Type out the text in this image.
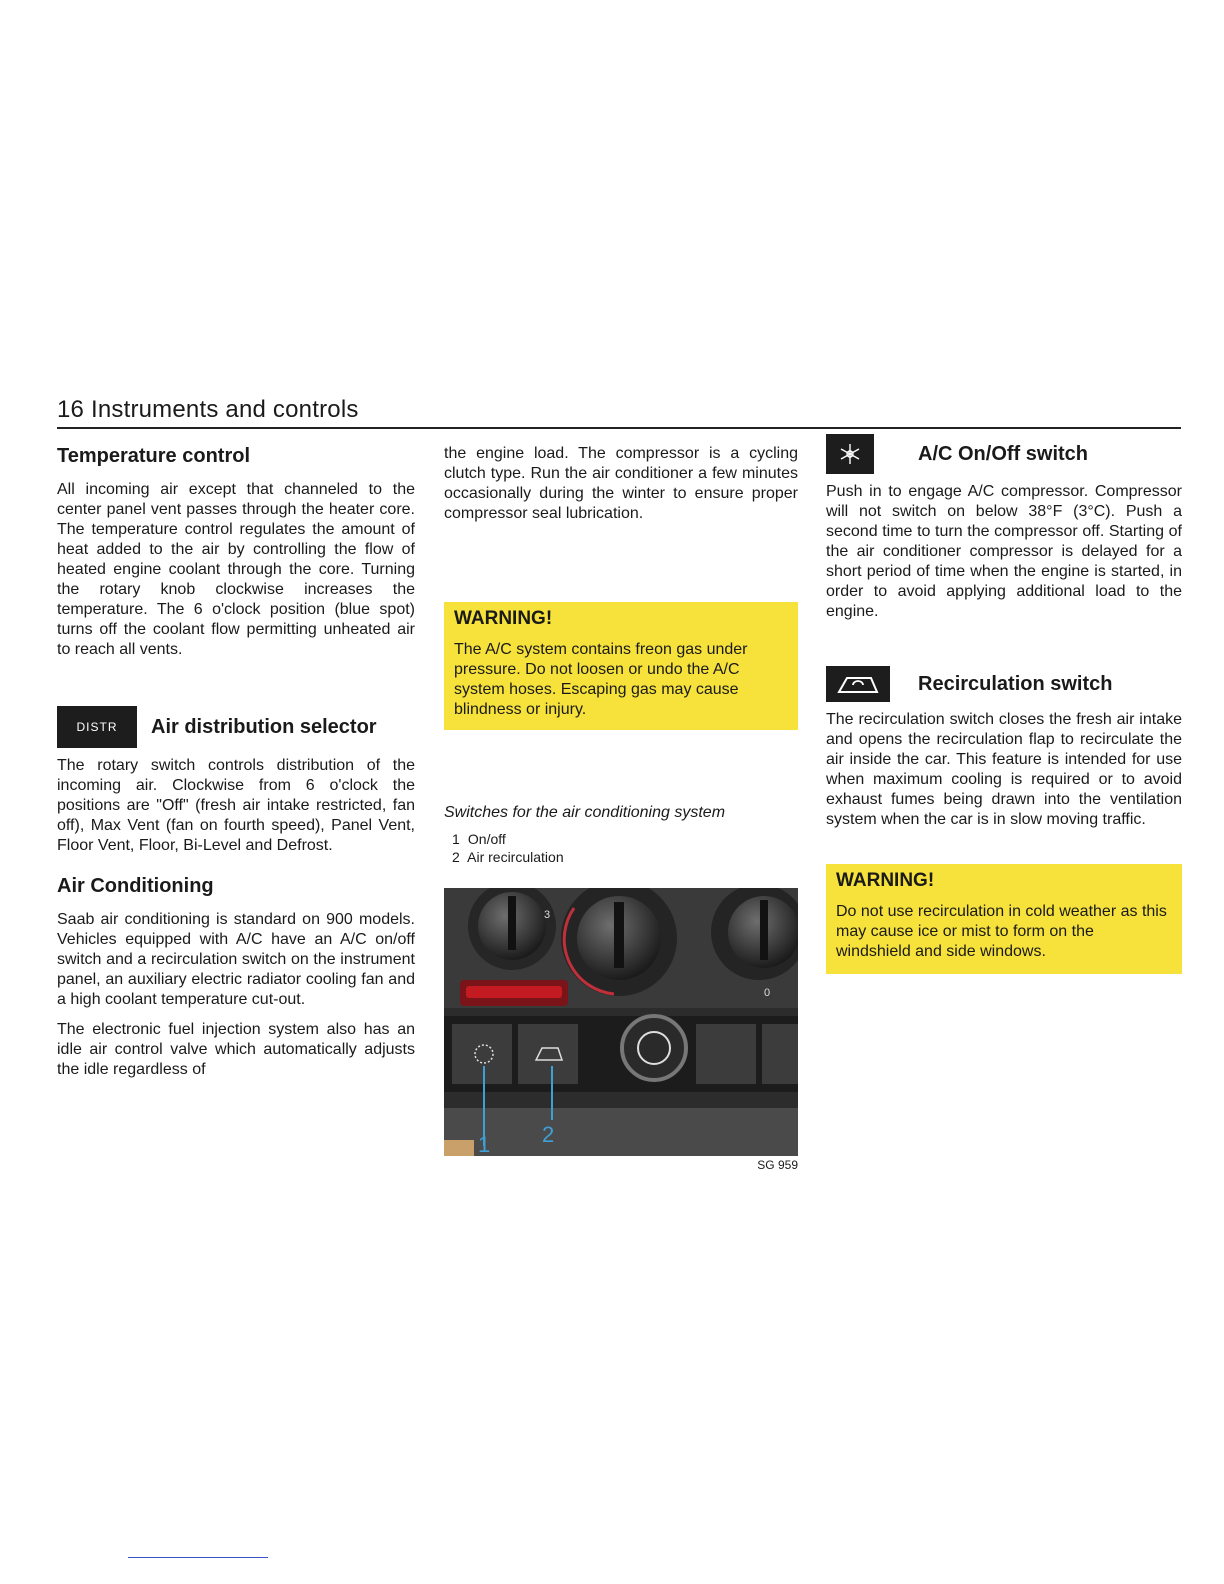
16 Instruments and controls
Temperature control

All incoming air except that channeled to the center panel vent passes through the heater core. The temperature control regulates the amount of heat added to the air by controlling the flow of heated engine coolant through the core. Turning the rotary knob clockwise increases the temperature. The 6 o'clock position (blue spot) turns off the coolant flow permitting unheated air to reach all vents.

DISTR	Air distribution selector

The rotary switch controls distribution of the incoming air. Clockwise from 6 o'clock the positions are "Off" (fresh air intake restricted, fan off), Max Vent (fan on fourth speed), Panel Vent, Floor Vent, Floor, Bi-Level and Defrost.

Air Conditioning

Saab air conditioning is standard on 900 models. Vehicles equipped with A/C have an A/C on/off switch and a recirculation switch on the instrument panel, an auxiliary electric radiator cooling fan and a high coolant temperature cut-out.

The electronic fuel injection system also has an idle air control valve which automatically adjusts the idle regardless of

the engine load. The compressor is a cycling clutch type. Run the air conditioner a few minutes occasionally during the winter to ensure proper compressor seal lubrication.

WARNING!

The A/C system contains freon gas under pressure. Do not loosen or undo the A/C system hoses. Escaping gas may cause blindness or injury.

Switches for the air conditioning system
1 On/off
2 Air recirculation
3
0
1 2
SG 959
A/C On/Off switch

Push in to engage A/C compressor. Compressor will not switch on below 38°F (3°C). Push a second time to turn the compressor off. Starting of the air conditioner compressor is delayed for a short period of time when the engine is started, in order to avoid applying additional load to the engine.

Recirculation switch

The recirculation switch closes the fresh air intake and opens the recirculation flap to recirculate the air inside the car. This feature is intended for use when maximum cooling is required or to avoid exhaust fumes being drawn into the ventilation system when the car is in slow moving traffic.

WARNING!

Do not use recirculation in cold weather as this may cause ice or mist to form on the windshield and side windows.
